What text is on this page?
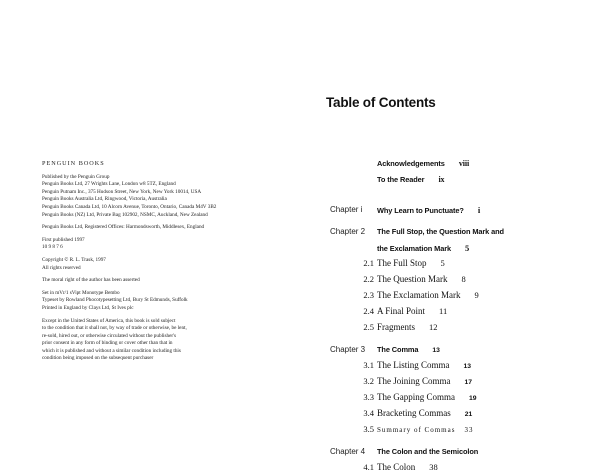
PENGUIN BOOKS
Published by the Penguin Group
Penguin Books Ltd, 27 Wrights Lane, London w8 5TZ, England
Penguin Putnam Inc., 375 Hudson Street, New York, New York 10014, USA
Penguin Books Australia Ltd, Ringwood, Victoria, Australia
Penguin Books Canada Ltd, 10 Alcorn Avenue, Toronto, Ontario, Canada M4V 3B2
Penguin Books (NZ) Ltd, Private Bag 102902, NSMC, Auckland, New Zealand
Penguin Books Ltd, Registered Offices: Harmondsworth, Middlesex, England
First published 1997
10 9 8 7 6
Copyright © R. L. Trask, 1997
All rights reserved
The moral right of the author has been asserted
Set in mVr/1 sVipt Monotype Bembo
Typeset by Rowland Phocotypesetting Ltd, Bury St Edmunds, Suffolk
Printed in England by Clays Ltd, St Ives plc
Except in the United States of America, this book is sold subject
to the condition that it shall not, by way of trade or otherwise, be lent,
re-sold, hired out, or otherwise circulated without the publisher's
prior consent in any form of binding or cover other than that in
which it is published and without a similar condition including this
condition being imposed on the subsequent purchaser
Table of Contents
Acknowledgements viii
To the Reader ix
Chapter i Why Learn to Punctuate? i
Chapter 2 The Full Stop, the Question Mark and
the Exclamation Mark 5
2.1 The Full Stop 5
2.2 The Question Mark 8
2.3 The Exclamation Mark 9
2.4 A Final Point 11
2.5 Fragments 12
Chapter 3 The Comma 13
3.1 The Listing Comma 13
3.2 The Joining Comma 17
3.3 The Gapping Comma 19
3.4 Bracketing Commas 21
3.5 Summary of Commas 33
Chapter 4 The Colon and the Semicolon
4.1 The Colon 38
